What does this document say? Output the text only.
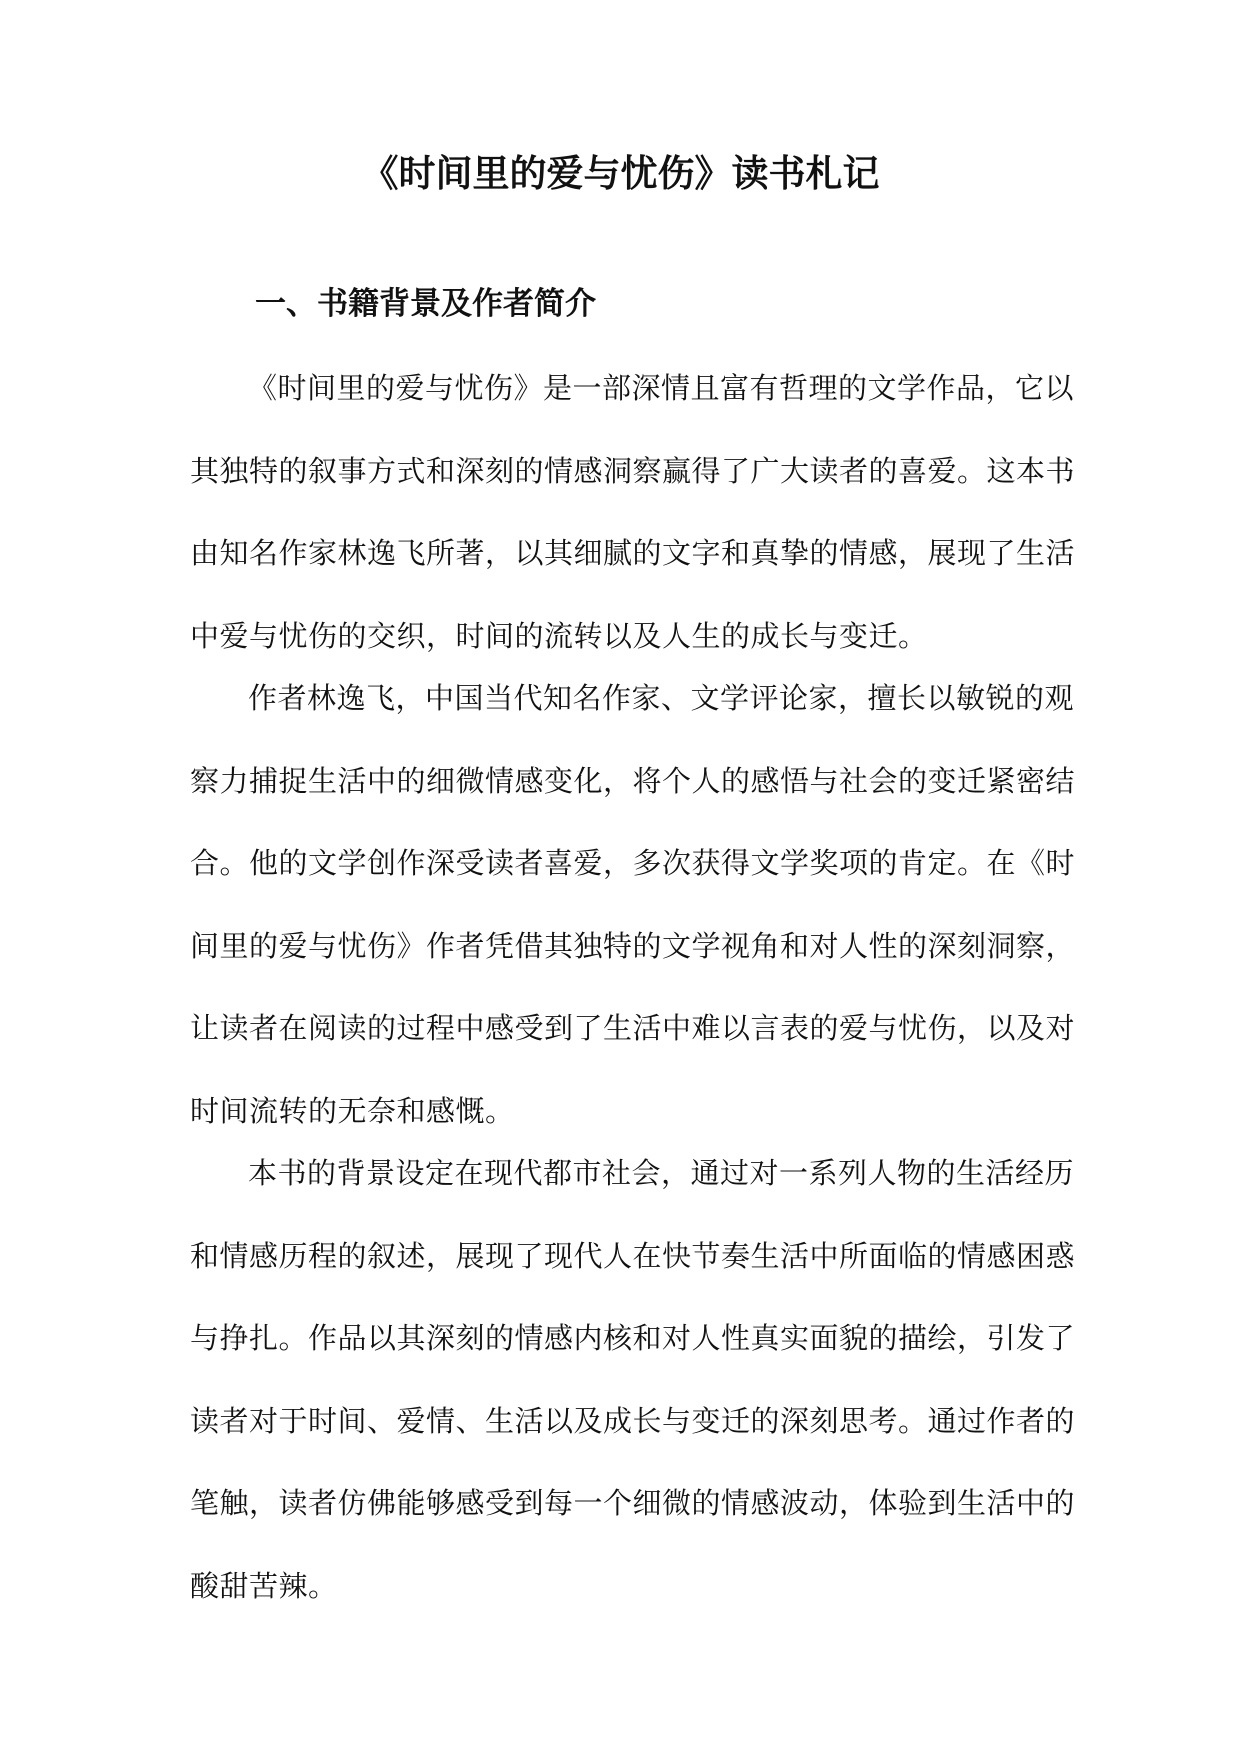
《时间里的爱与忧伤》读书札记
一、书籍背景及作者简介
《时间里的爱与忧伤》是一部深情且富有哲理的文学作品，它以
其独特的叙事方式和深刻的情感洞察赢得了广大读者的喜爱。这本书
由知名作家林逸飞所著，以其细腻的文字和真挚的情感，展现了生活
中爱与忧伤的交织，时间的流转以及人生的成长与变迁。
作者林逸飞，中国当代知名作家、文学评论家，擅长以敏锐的观
察力捕捉生活中的细微情感变化，将个人的感悟与社会的变迁紧密结
合。他的文学创作深受读者喜爱，多次获得文学奖项的肯定。在《时
间里的爱与忧伤》作者凭借其独特的文学视角和对人性的深刻洞察，
让读者在阅读的过程中感受到了生活中难以言表的爱与忧伤，以及对
时间流转的无奈和感慨。
本书的背景设定在现代都市社会，通过对一系列人物的生活经历
和情感历程的叙述，展现了现代人在快节奏生活中所面临的情感困惑
与挣扎。作品以其深刻的情感内核和对人性真实面貌的描绘，引发了
读者对于时间、爱情、生活以及成长与变迁的深刻思考。通过作者的
笔触，读者仿佛能够感受到每一个细微的情感波动，体验到生活中的
酸甜苦辣。
